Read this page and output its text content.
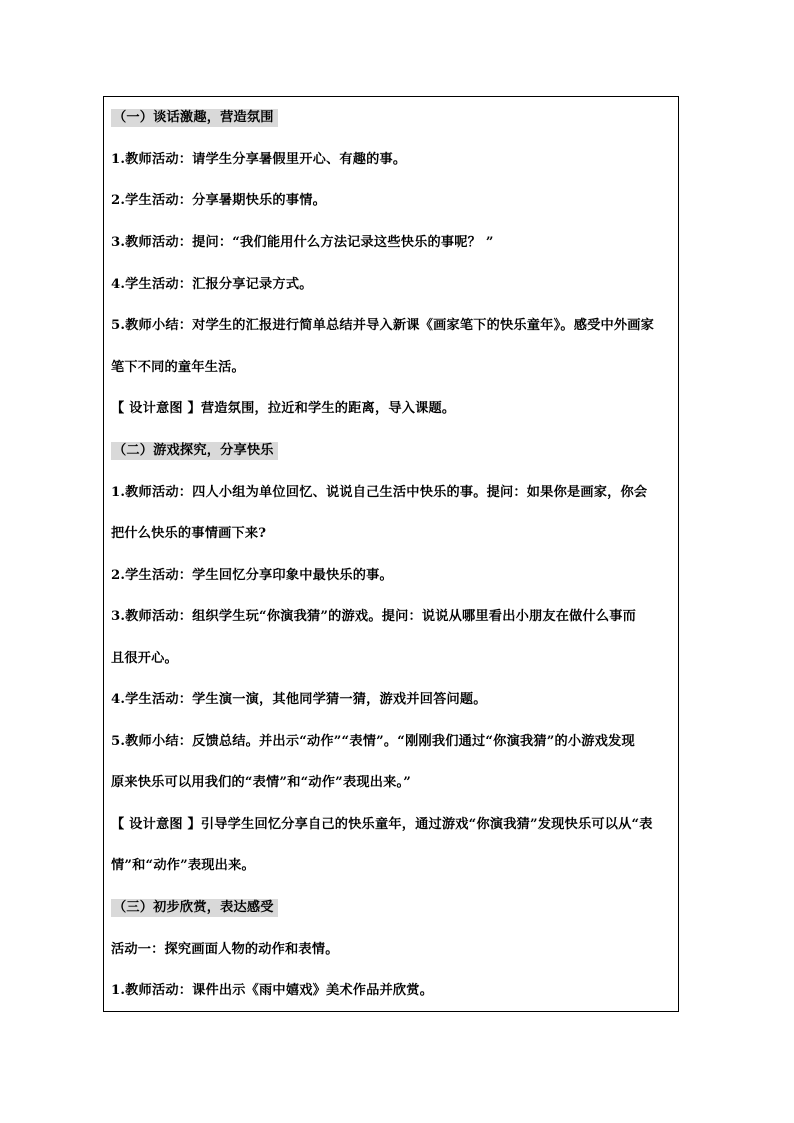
（一）谈话激趣，营造氛围
1.教师活动：请学生分享暑假里开心、有趣的事。
2.学生活动：分享暑期快乐的事情。
3.教师活动：提问：“我们能用什么方法记录这些快乐的事呢？ ”
4.学生活动：汇报分享记录方式。
5.教师小结：对学生的汇报进行简单总结并导入新课《画家笔下的快乐童年》。感受中外画家
笔下不同的童年生活。
【 设计意图 】营造氛围，拉近和学生的距离，导入课题。
（二）游戏探究，分享快乐
1.教师活动：四人小组为单位回忆、说说自己生活中快乐的事。提问：如果你是画家，你会
把什么快乐的事情画下来?
2.学生活动：学生回忆分享印象中最快乐的事。
3.教师活动：组织学生玩“你演我猜”的游戏。提问：说说从哪里看出小朋友在做什么事而
且很开心。
4.学生活动：学生演一演，其他同学猜一猜，游戏并回答问题。
5.教师小结：反馈总结。并出示“动作”“表情”。“刚刚我们通过“你演我猜”的小游戏发现
原来快乐可以用我们的“表情”和“动作”表现出来。”
【 设计意图 】引导学生回忆分享自己的快乐童年，通过游戏“你演我猜”发现快乐可以从“表
情”和“动作”表现出来。
（三）初步欣赏，表达感受
活动一：探究画面人物的动作和表情。
1.教师活动：课件出示《雨中嬉戏》美术作品并欣赏。
